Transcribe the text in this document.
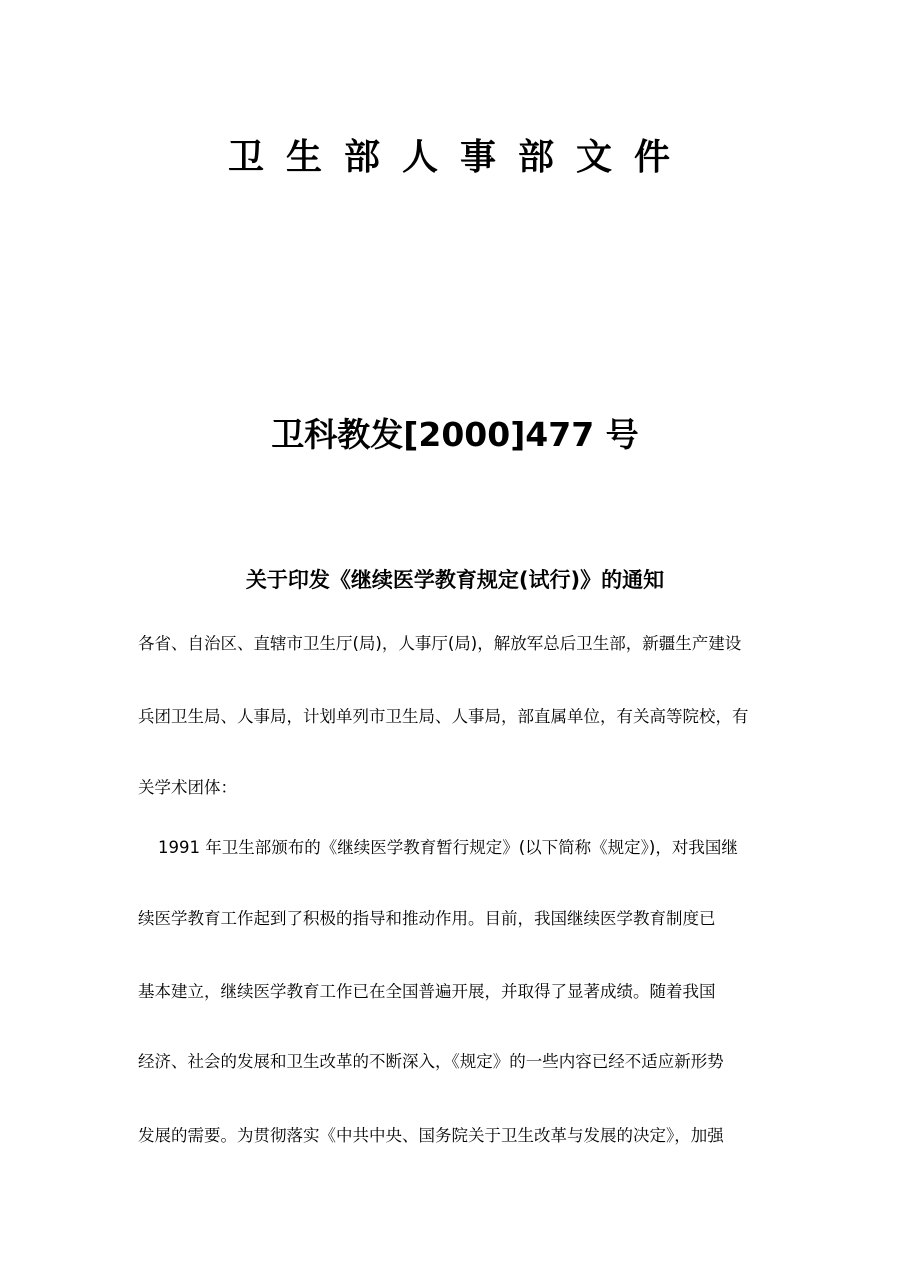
卫生部人事部文件
卫科教发[2000]477 号
关于印发《继续医学教育规定(试行)》的通知
各省、自治区、直辖市卫生厅(局)，人事厅(局)，解放军总后卫生部，新疆生产建设
兵团卫生局、人事局，计划单列市卫生局、人事局，部直属单位，有关高等院校，有
关学术团体：
1991 年卫生部颁布的《继续医学教育暂行规定》(以下简称《规定》)，对我国继
续医学教育工作起到了积极的指导和推动作用。目前，我国继续医学教育制度已
基本建立，继续医学教育工作已在全国普遍开展，并取得了显著成绩。随着我国
经济、社会的发展和卫生改革的不断深入，《规定》的一些内容已经不适应新形势
发展的需要。为贯彻落实《中共中央、国务院关于卫生改革与发展的决定》，加强
